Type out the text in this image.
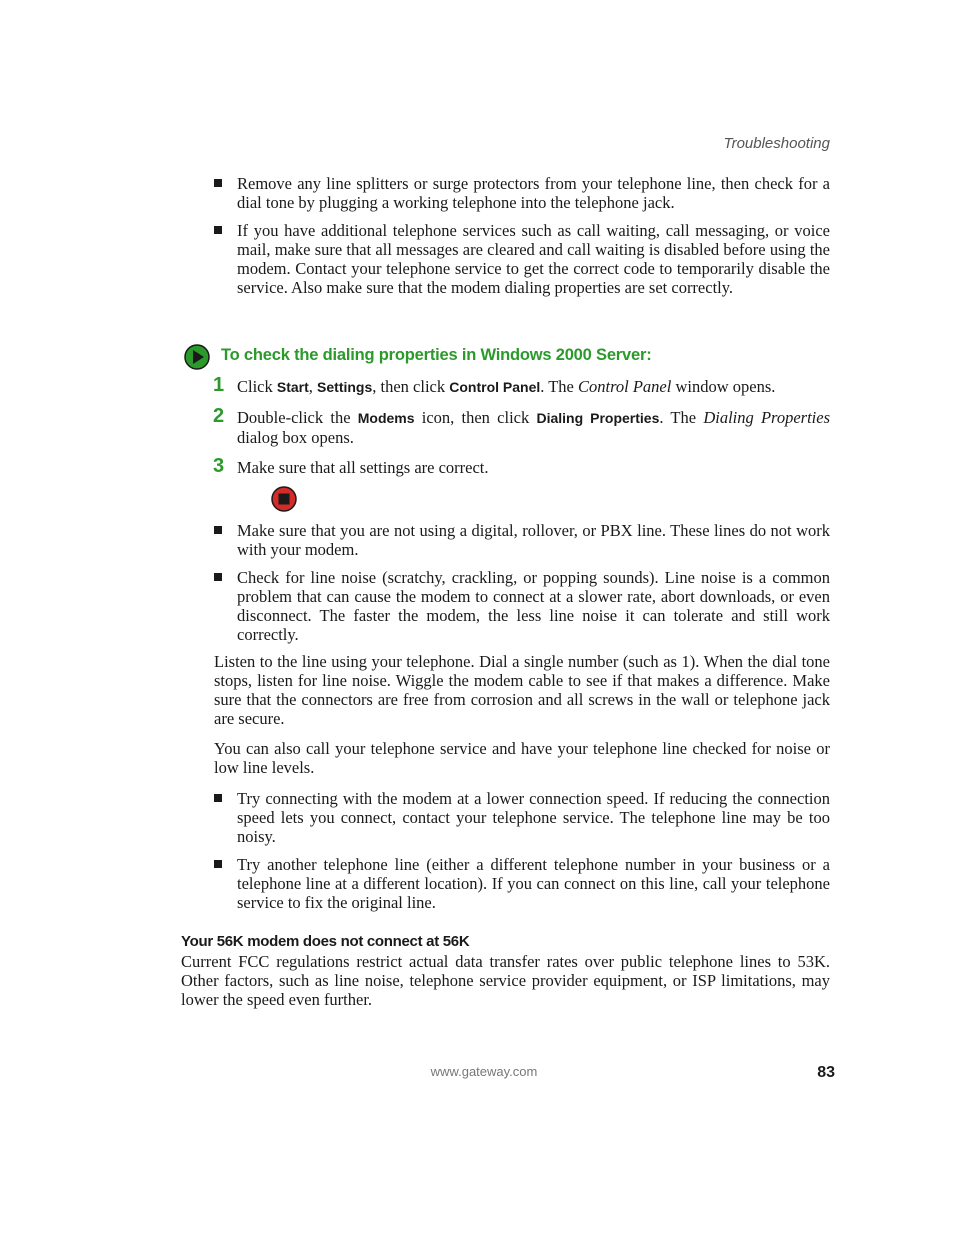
Troubleshooting
Remove any line splitters or surge protectors from your telephone line, then check for a dial tone by plugging a working telephone into the telephone jack.
If you have additional telephone services such as call waiting, call messaging, or voice mail, make sure that all messages are cleared and call waiting is disabled before using the modem. Contact your telephone service to get the correct code to temporarily disable the service. Also make sure that the modem dialing properties are set correctly.
To check the dialing properties in Windows 2000 Server:
1 Click Start, Settings, then click Control Panel. The Control Panel window opens.
2 Double-click the Modems icon, then click Dialing Properties. The Dialing Properties dialog box opens.
3 Make sure that all settings are correct.
Make sure that you are not using a digital, rollover, or PBX line. These lines do not work with your modem.
Check for line noise (scratchy, crackling, or popping sounds). Line noise is a common problem that can cause the modem to connect at a slower rate, abort downloads, or even disconnect. The faster the modem, the less line noise it can tolerate and still work correctly.
Listen to the line using your telephone. Dial a single number (such as 1). When the dial tone stops, listen for line noise. Wiggle the modem cable to see if that makes a difference. Make sure that the connectors are free from corrosion and all screws in the wall or telephone jack are secure.
You can also call your telephone service and have your telephone line checked for noise or low line levels.
Try connecting with the modem at a lower connection speed. If reducing the connection speed lets you connect, contact your telephone service. The telephone line may be too noisy.
Try another telephone line (either a different telephone number in your business or a telephone line at a different location). If you can connect on this line, call your telephone service to fix the original line.
Your 56K modem does not connect at 56K
Current FCC regulations restrict actual data transfer rates over public telephone lines to 53K. Other factors, such as line noise, telephone service provider equipment, or ISP limitations, may lower the speed even further.
www.gateway.com	83
